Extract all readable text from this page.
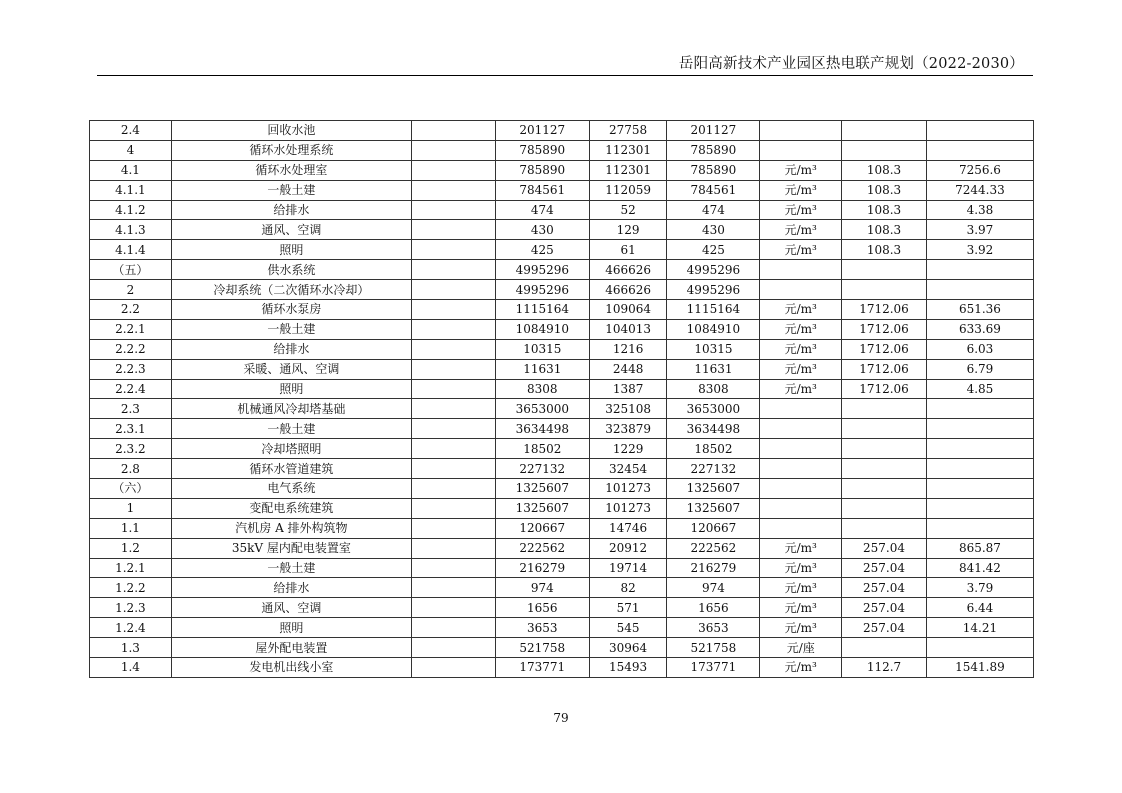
岳阳高新技术产业园区热电联产规划（2022-2030）
2.4	回收水池		201127	27758	201127			
4	循环水处理系统		785890	112301	785890			
4.1	循环水处理室		785890	112301	785890	元/m³	108.3	7256.6
4.1.1	一般土建		784561	112059	784561	元/m³	108.3	7244.33
4.1.2	给排水		474	52	474	元/m³	108.3	4.38
4.1.3	通风、空调		430	129	430	元/m³	108.3	3.97
4.1.4	照明		425	61	425	元/m³	108.3	3.92
（五）	供水系统		4995296	466626	4995296			
2	冷却系统（二次循环水冷却）		4995296	466626	4995296			
2.2	循环水泵房		1115164	109064	1115164	元/m³	1712.06	651.36
2.2.1	一般土建		1084910	104013	1084910	元/m³	1712.06	633.69
2.2.2	给排水		10315	1216	10315	元/m³	1712.06	6.03
2.2.3	采暖、通风、空调		11631	2448	11631	元/m³	1712.06	6.79
2.2.4	照明		8308	1387	8308	元/m³	1712.06	4.85
2.3	机械通风冷却塔基础		3653000	325108	3653000			
2.3.1	一般土建		3634498	323879	3634498			
2.3.2	冷却塔照明		18502	1229	18502			
2.8	循环水管道建筑		227132	32454	227132			
（六）	电气系统		1325607	101273	1325607			
1	变配电系统建筑		1325607	101273	1325607			
1.1	汽机房 A 排外构筑物		120667	14746	120667			
1.2	35kV 屋内配电装置室		222562	20912	222562	元/m³	257.04	865.87
1.2.1	一般土建		216279	19714	216279	元/m³	257.04	841.42
1.2.2	给排水		974	82	974	元/m³	257.04	3.79
1.2.3	通风、空调		1656	571	1656	元/m³	257.04	6.44
1.2.4	照明		3653	545	3653	元/m³	257.04	14.21
1.3	屋外配电装置		521758	30964	521758	元/座		
1.4	发电机出线小室		173771	15493	173771	元/m³	112.7	1541.89
79
